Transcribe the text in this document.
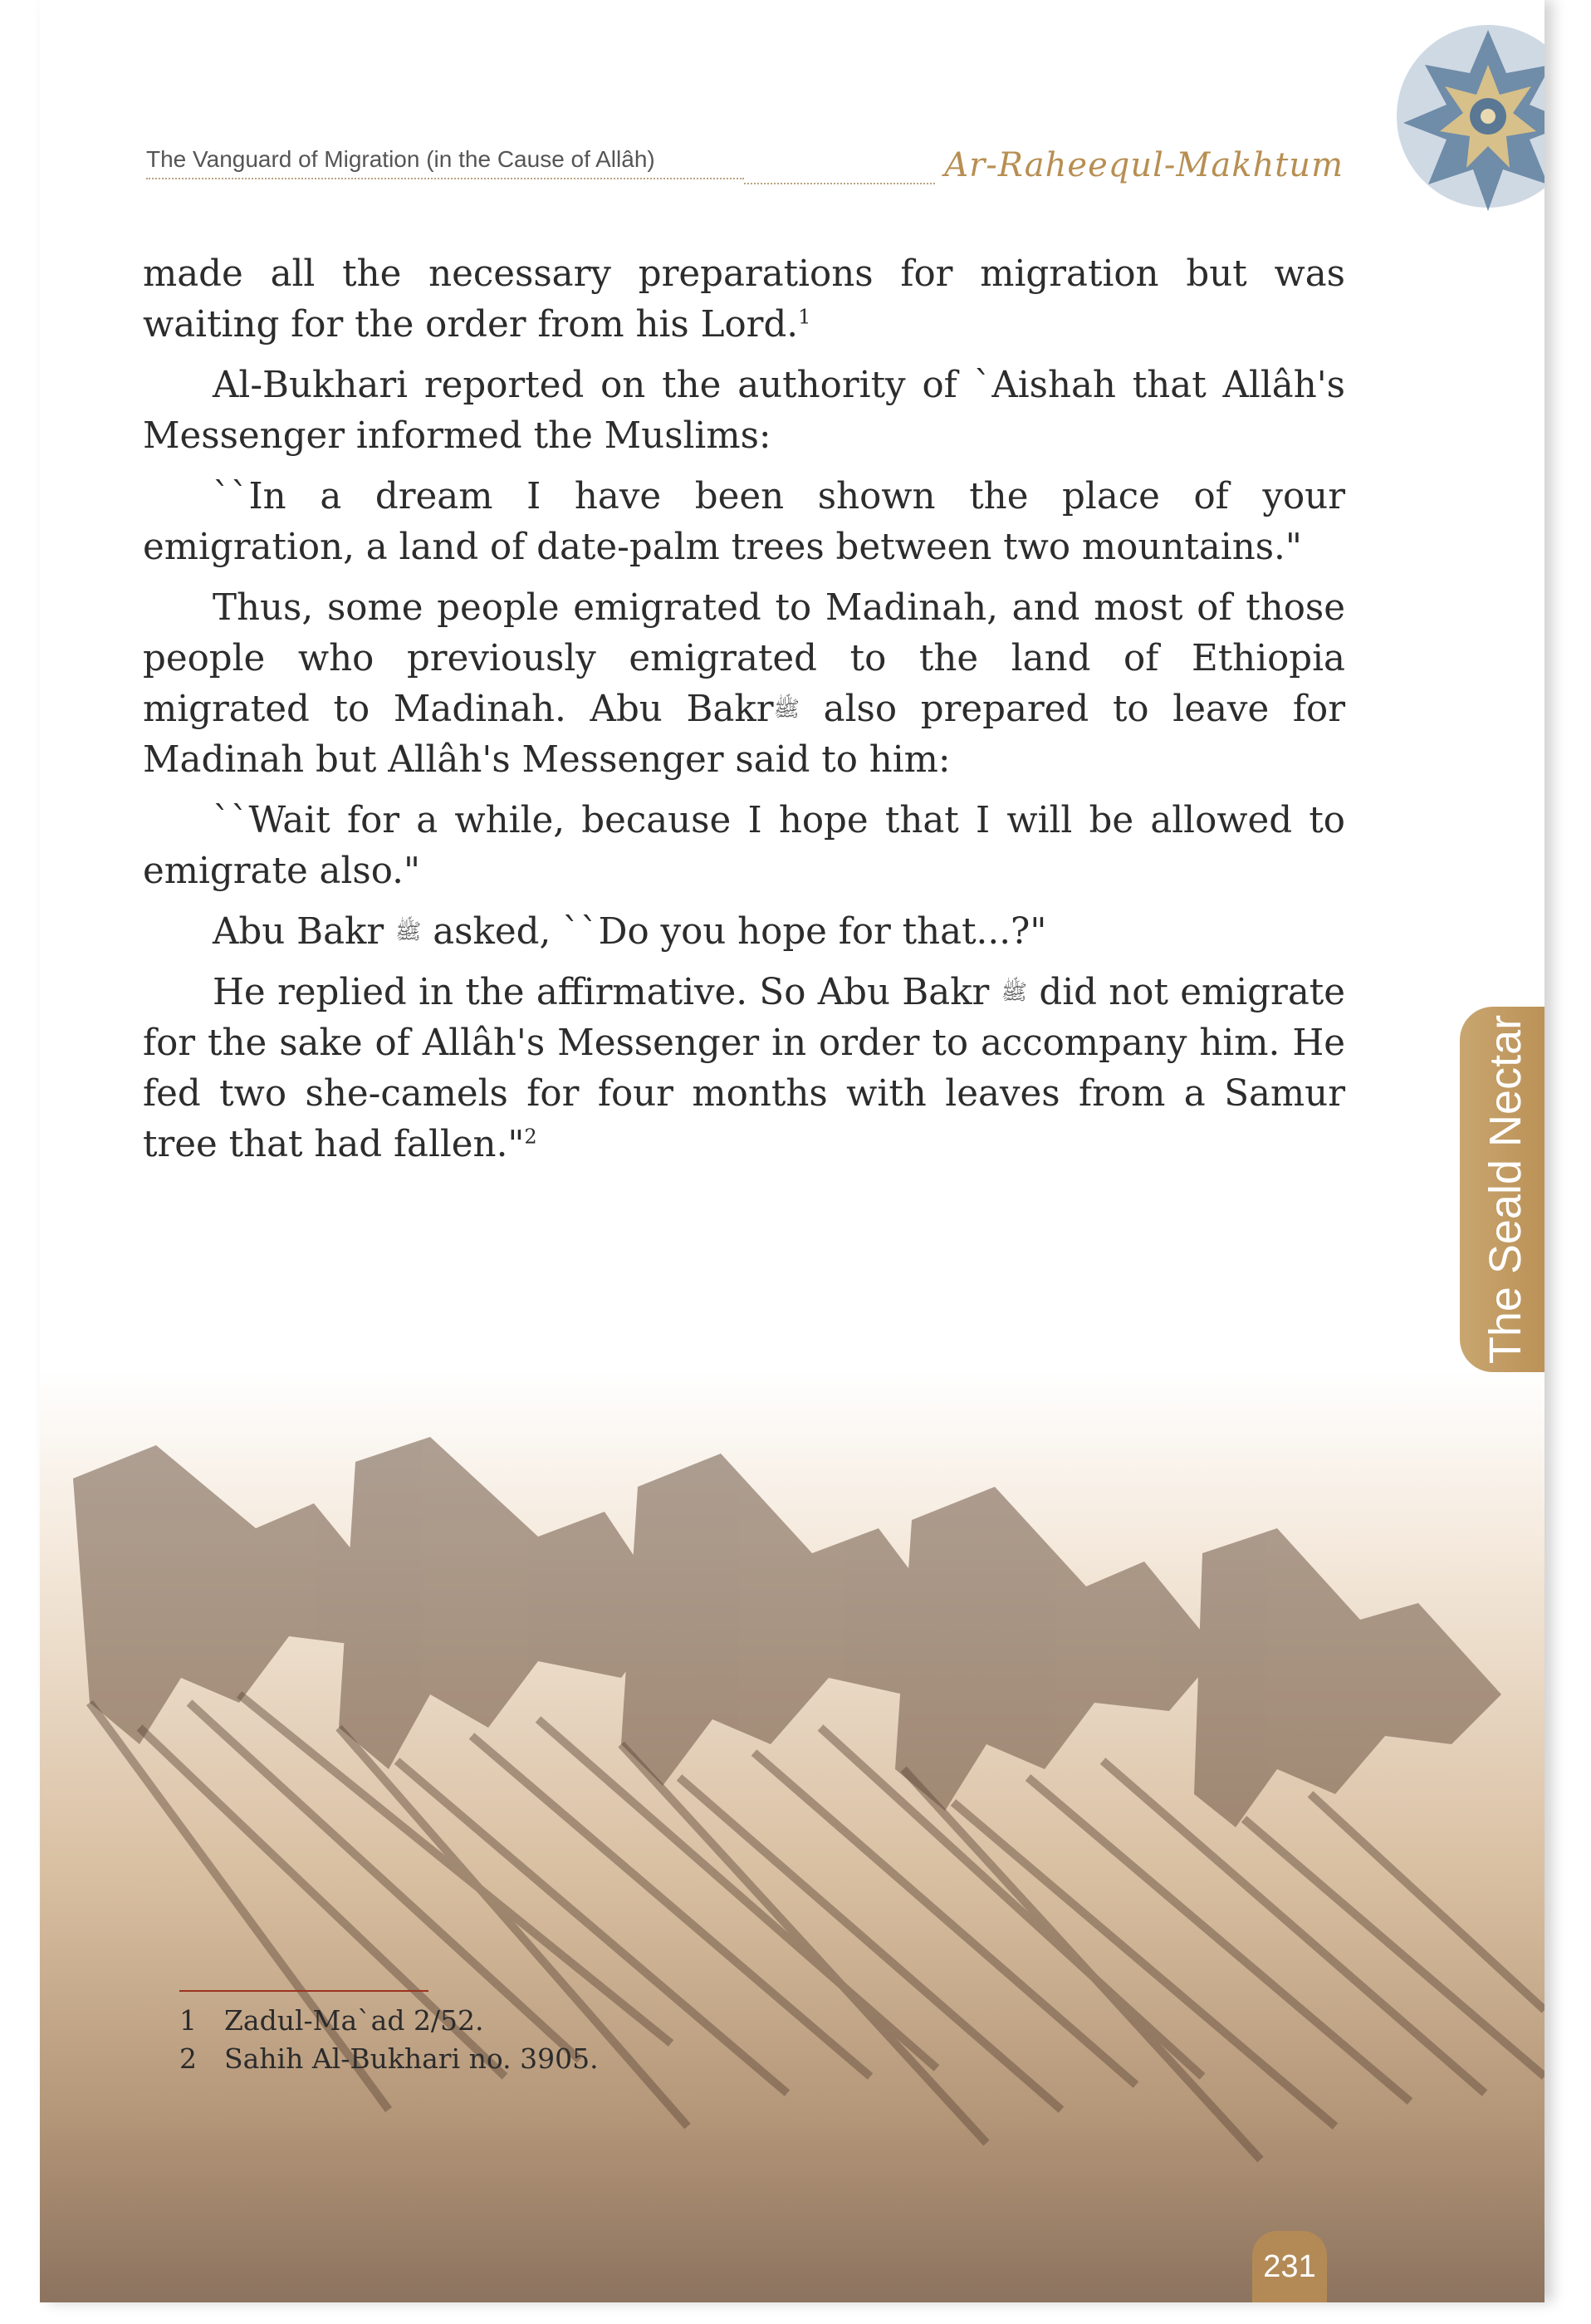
The Vanguard of Migration (in the Cause of Allâh)	Ar-Raheequl-Makhtum

made all the necessary preparations for migration but was waiting for the order from his Lord.$^1$

Al-Bukhari reported on the authority of `Aishah that Allâh's Messenger informed the Muslims:

``In a dream I have been shown the place of your emigration, a land of date-palm trees between two mountains."

Thus, some people emigrated to Madinah, and most of those people who previously emigrated to the land of Ethiopia migrated to Madinah. Abu Bakrﷺ also prepared to leave for Madinah but Allâh's Messenger said to him:

``Wait for a while, because I hope that I will be allowed to emigrate also."

Abu Bakr ﷺ asked, ``Do you hope for that...?"

He replied in the affirmative. So Abu Bakr ﷺ did not emigrate for the sake of Allâh's Messenger in order to accompany him. He fed two she-camels for four months with leaves from a Samur tree that had fallen."$^2$	The Seald Nectar
1	Zadul-Ma`ad 2/52.
2	Sahih Al-Bukhari no. 3905.
231
